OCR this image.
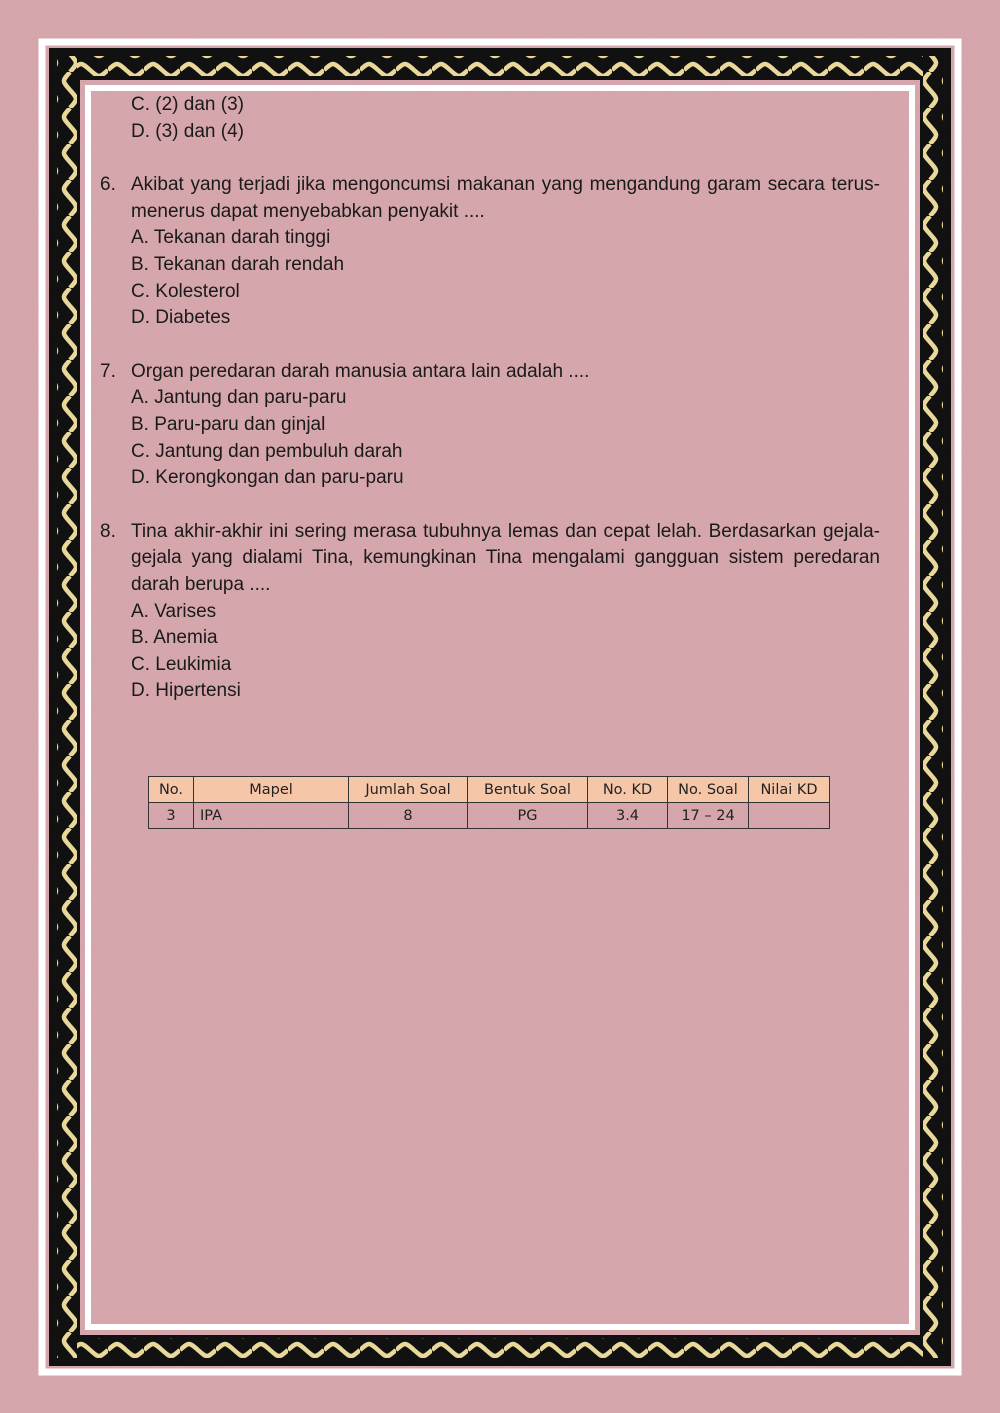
C. (2) dan (3)
D. (3) dan (4)
6. Akibat yang terjadi jika mengoncumsi makanan yang mengandung garam secara terus-menerus dapat menyebabkan penyakit ....
A. Tekanan darah tinggi
B. Tekanan darah rendah
C. Kolesterol
D. Diabetes
7. Organ peredaran darah manusia antara lain adalah ....
A. Jantung dan paru-paru
B. Paru-paru dan ginjal
C. Jantung dan pembuluh darah
D. Kerongkongan dan paru-paru
8. Tina akhir-akhir ini sering merasa tubuhnya lemas dan cepat lelah. Berdasarkan gejala-gejala yang dialami Tina, kemungkinan Tina mengalami gangguan sistem peredaran darah berupa ....
A. Varises
B. Anemia
C. Leukimia
D. Hipertensi
No.	Mapel	Jumlah Soal	Bentuk Soal	No. KD	No. Soal	Nilai KD
3	IPA	8	PG	3.4	17 – 24	
